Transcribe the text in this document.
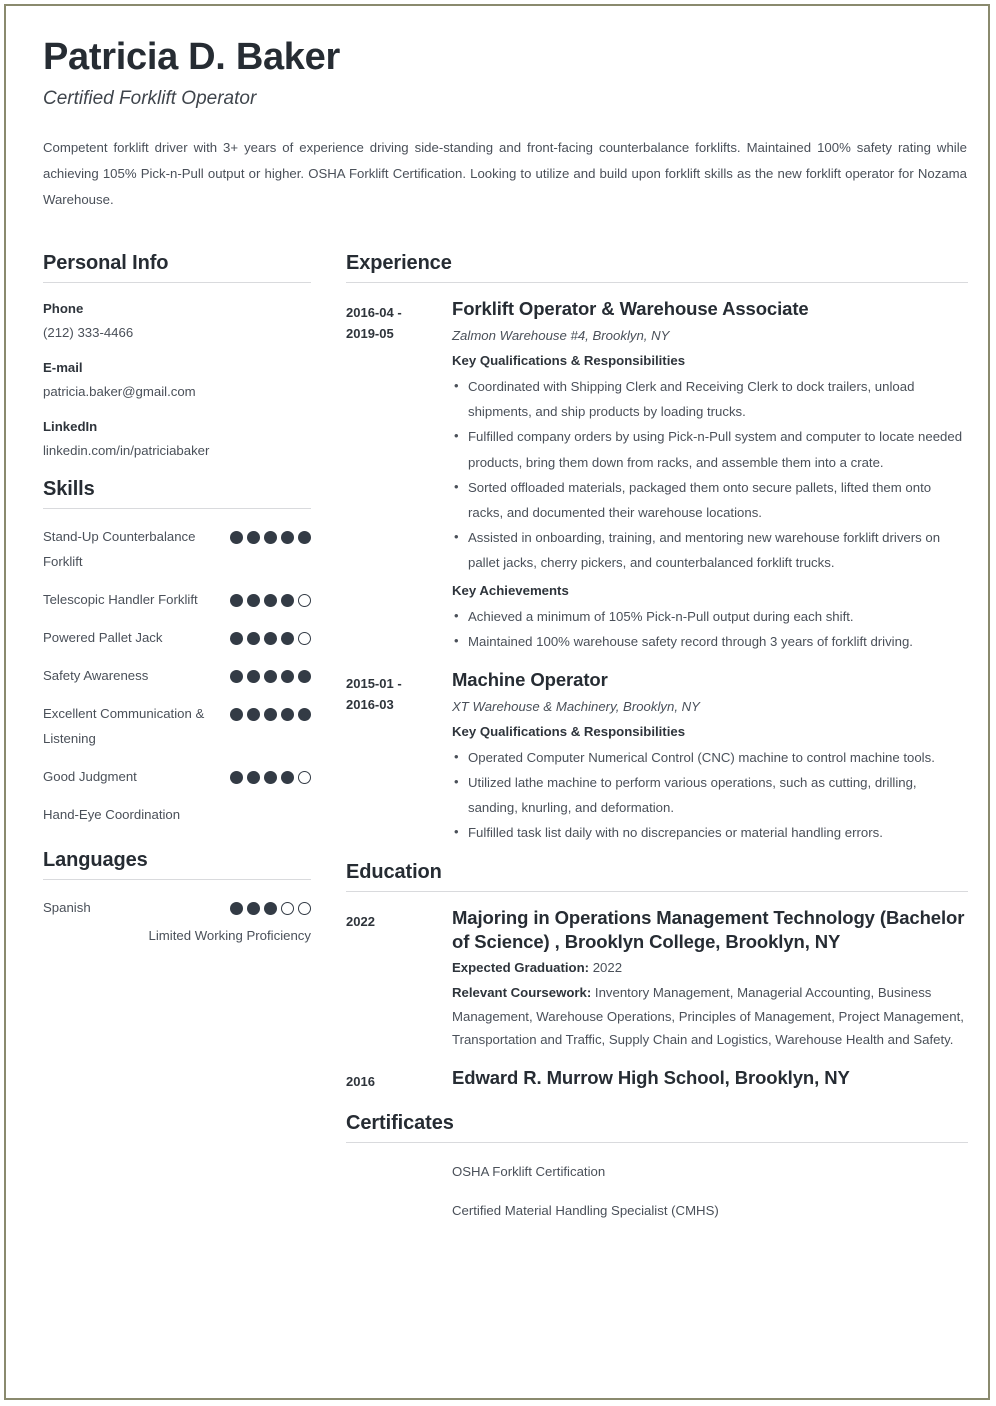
Patricia D. Baker
Certified Forklift Operator

Competent forklift driver with 3+ years of experience driving side-standing and front-facing counterbalance forklifts. Maintained 100% safety rating while achieving 105% Pick-n-Pull output or higher. OSHA Forklift Certification. Looking to utilize and build upon forklift skills as the new forklift operator for Nozama Warehouse.

Personal Info
Phone
(212) 333-4466
E-mail
patricia.baker@gmail.com
LinkedIn
linkedin.com/in/patriciabaker
Skills
Stand-Up Counterbalance Forklift
Telescopic Handler Forklift
Powered Pallet Jack
Safety Awareness
Excellent Communication & Listening
Good Judgment
Hand-Eye Coordination
Languages
Spanish
Limited Working Proficiency
Experience
2016-04 -
2019-05
Forklift Operator & Warehouse Associate
Zalmon Warehouse #4, Brooklyn, NY
Key Qualifications & Responsibilities
• Coordinated with Shipping Clerk and Receiving Clerk to dock trailers, unload shipments, and ship products by loading trucks.
• Fulfilled company orders by using Pick-n-Pull system and computer to locate needed products, bring them down from racks, and assemble them into a crate.
• Sorted offloaded materials, packaged them onto secure pallets, lifted them onto racks, and documented their warehouse locations.
• Assisted in onboarding, training, and mentoring new warehouse forklift drivers on pallet jacks, cherry pickers, and counterbalanced forklift trucks.
Key Achievements
• Achieved a minimum of 105% Pick-n-Pull output during each shift.
• Maintained 100% warehouse safety record through 3 years of forklift driving.
2015-01 -
2016-03
Machine Operator
XT Warehouse & Machinery, Brooklyn, NY
Key Qualifications & Responsibilities
• Operated Computer Numerical Control (CNC) machine to control machine tools.
• Utilized lathe machine to perform various operations, such as cutting, drilling, sanding, knurling, and deformation.
• Fulfilled task list daily with no discrepancies or material handling errors.
Education
2022	Majoring in Operations Management Technology (Bachelor of Science) , Brooklyn College, Brooklyn, NY
Expected Graduation: 2022
Relevant Coursework: Inventory Management, Managerial Accounting, Business Management, Warehouse Operations, Principles of Management, Project Management, Transportation and Traffic, Supply Chain and Logistics, Warehouse Health and Safety.
2016	Edward R. Murrow High School, Brooklyn, NY
Certificates
OSHA Forklift Certification
Certified Material Handling Specialist (CMHS)
